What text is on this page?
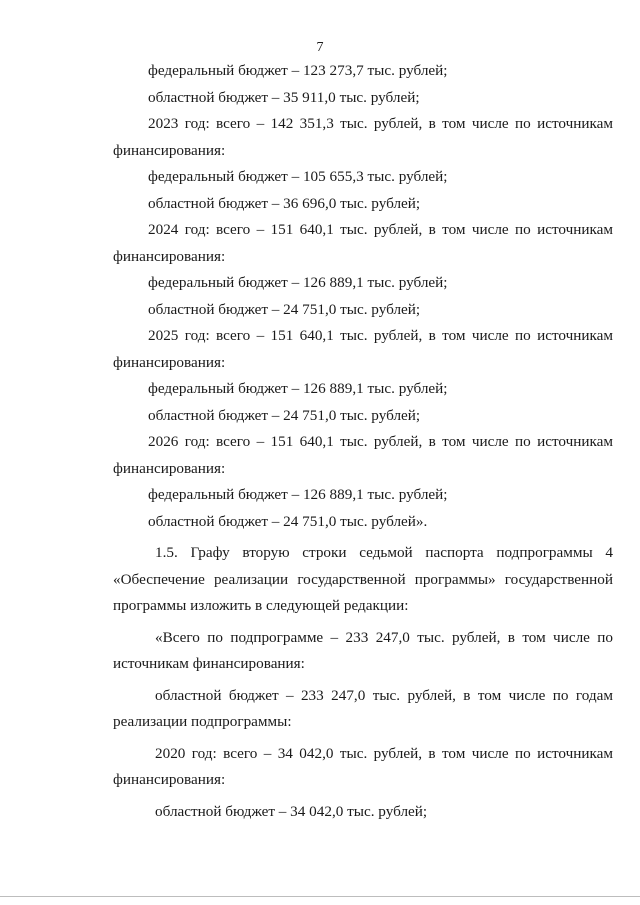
7
федеральный бюджет – 123 273,7 тыс. рублей;
областной бюджет – 35 911,0 тыс. рублей;
2023 год: всего – 142 351,3 тыс. рублей, в том числе по источникам
финансирования:
федеральный бюджет – 105 655,3 тыс. рублей;
областной бюджет – 36 696,0 тыс. рублей;
2024 год: всего – 151 640,1 тыс. рублей, в том числе по источникам
финансирования:
федеральный бюджет – 126 889,1 тыс. рублей;
областной бюджет – 24 751,0 тыс. рублей;
2025 год: всего – 151 640,1 тыс. рублей, в том числе по источникам
финансирования:
федеральный бюджет – 126 889,1 тыс. рублей;
областной бюджет – 24 751,0 тыс. рублей;
2026 год: всего – 151 640,1 тыс. рублей, в том числе по источникам
финансирования:
федеральный бюджет – 126 889,1 тыс. рублей;
областной бюджет – 24 751,0 тыс. рублей».
1.5. Графу вторую строки седьмой паспорта подпрограммы 4
«Обеспечение реализации государственной программы» государственной
программы изложить в следующей редакции:
«Всего по подпрограмме – 233 247,0 тыс. рублей, в том числе по
источникам финансирования:
областной бюджет – 233 247,0 тыс. рублей, в том числе по годам
реализации подпрограммы:
2020 год: всего – 34 042,0 тыс. рублей, в том числе по источникам
финансирования:
областной бюджет – 34 042,0 тыс. рублей;
